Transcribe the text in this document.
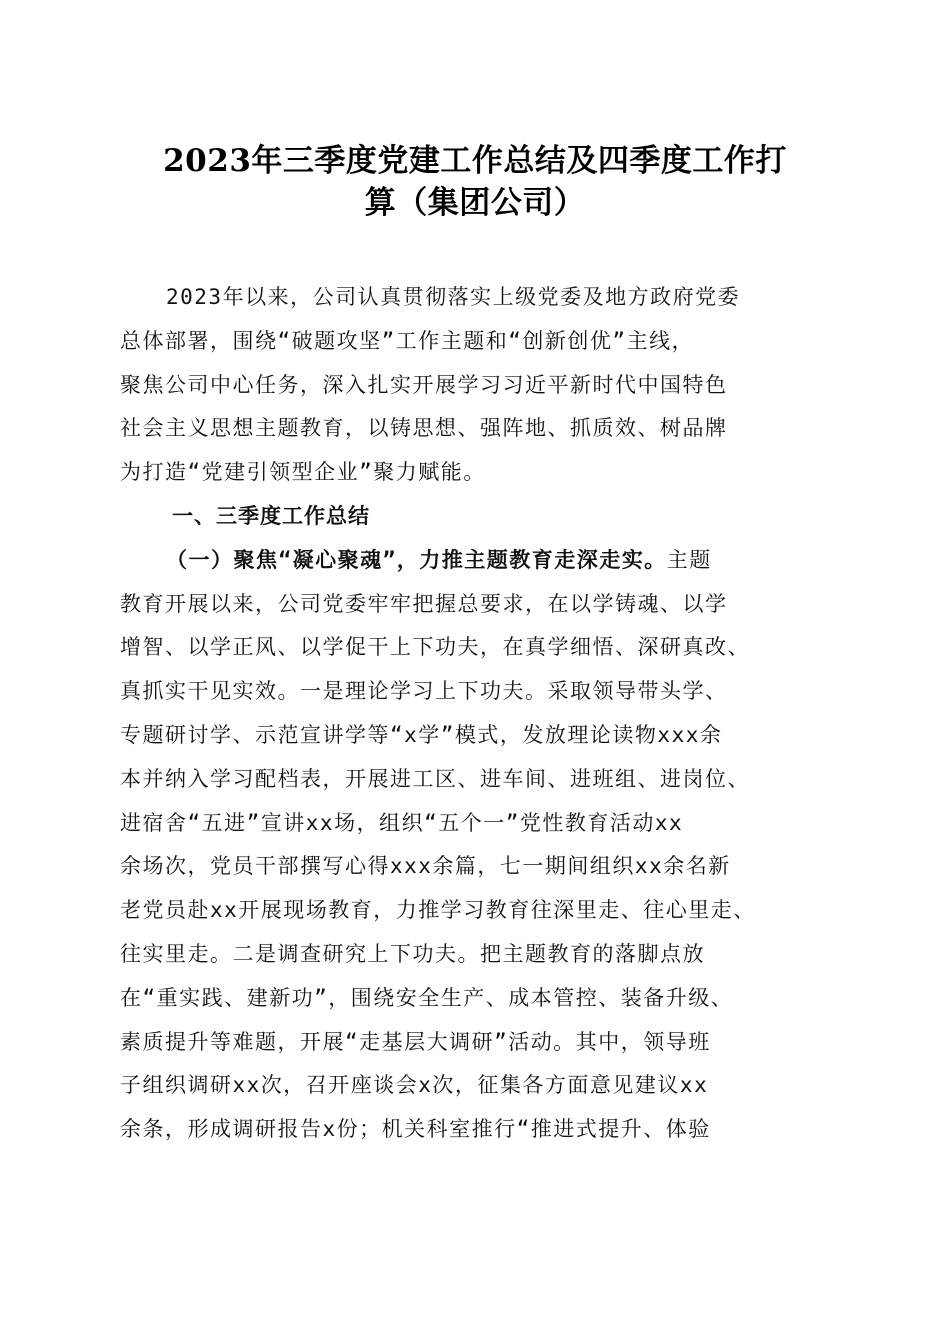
2023年三季度党建工作总结及四季度工作打
算（集团公司）
2023年以来，公司认真贯彻落实上级党委及地方政府党委
总体部署，围绕“破题攻坚”工作主题和“创新创优”主线，
聚焦公司中心任务，深入扎实开展学习习近平新时代中国特色
社会主义思想主题教育，以铸思想、强阵地、抓质效、树品牌
为打造“党建引领型企业”聚力赋能。
一、三季度工作总结
（一）聚焦“凝心聚魂”，力推主题教育走深走实。主题
教育开展以来，公司党委牢牢把握总要求，在以学铸魂、以学
增智、以学正风、以学促干上下功夫，在真学细悟、深研真改、
真抓实干见实效。一是理论学习上下功夫。采取领导带头学、
专题研讨学、示范宣讲学等“x学”模式，发放理论读物xxx余
本并纳入学习配档表，开展进工区、进车间、进班组、进岗位、
进宿舍“五进”宣讲xx场，组织“五个一”党性教育活动xx
余场次，党员干部撰写心得xxx余篇，七一期间组织xx余名新
老党员赴xx开展现场教育，力推学习教育往深里走、往心里走、
往实里走。二是调查研究上下功夫。把主题教育的落脚点放
在“重实践、建新功”，围绕安全生产、成本管控、装备升级、
素质提升等难题，开展“走基层大调研”活动。其中，领导班
子组织调研xx次，召开座谈会x次，征集各方面意见建议xx
余条，形成调研报告x份；机关科室推行“推进式提升、体验
